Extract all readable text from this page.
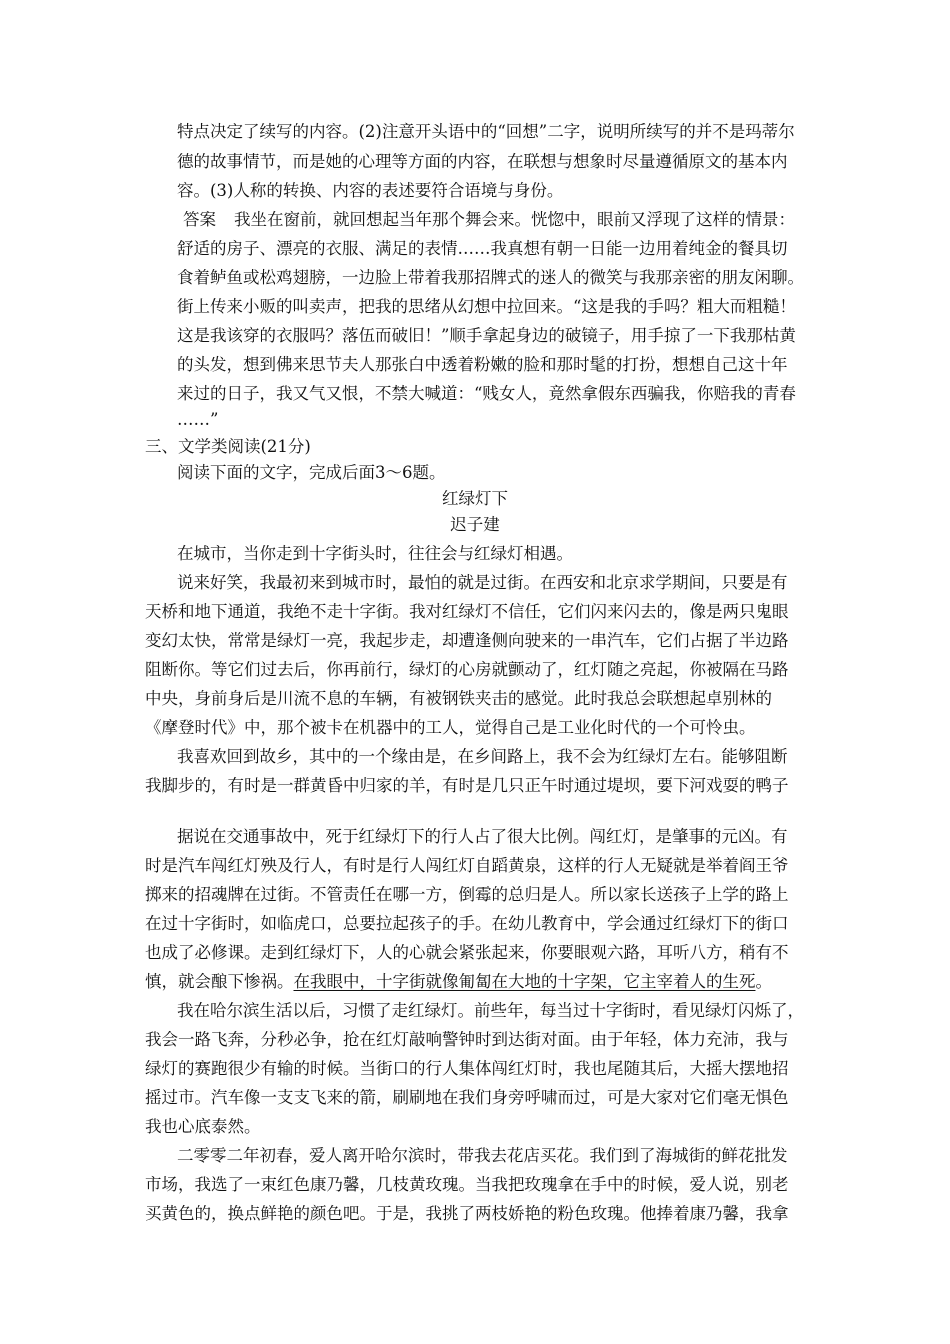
特点决定了续写的内容。(2)注意开头语中的“回想”二字，说明所续写的并不是玛蒂尔
德的故事情节，而是她的心理等方面的内容，在联想与想象时尽量遵循原文的基本内
容。(3)人称的转换、内容的表述要符合语境与身份。
答案 我坐在窗前，就回想起当年那个舞会来。恍惚中，眼前又浮现了这样的情景：
舒适的房子、漂亮的衣服、满足的表情……我真想有朝一日能一边用着纯金的餐具切
食着鲈鱼或松鸡翅膀，一边脸上带着我那招牌式的迷人的微笑与我那亲密的朋友闲聊。
街上传来小贩的叫卖声，把我的思绪从幻想中拉回来。“这是我的手吗？粗大而粗糙！
这是我该穿的衣服吗？落伍而破旧！”顺手拿起身边的破镜子，用手掠了一下我那枯黄
的头发，想到佛来思节夫人那张白中透着粉嫩的脸和那时髦的打扮，想想自己这十年
来过的日子，我又气又恨，不禁大喊道：“贱女人，竟然拿假东西骗我，你赔我的青春
……”
三、文学类阅读(21分)
阅读下面的文字，完成后面3～6题。
红绿灯下
迟子建
在城市，当你走到十字街头时，往往会与红绿灯相遇。
说来好笑，我最初来到城市时，最怕的就是过街。在西安和北京求学期间，只要是有
天桥和地下通道，我绝不走十字街。我对红绿灯不信任，它们闪来闪去的，像是两只鬼眼
变幻太快，常常是绿灯一亮，我起步走，却遭逢侧向驶来的一串汽车，它们占据了半边路
阻断你。等它们过去后，你再前行，绿灯的心房就颤动了，红灯随之亮起，你被隔在马路
中央，身前身后是川流不息的车辆，有被钢铁夹击的感觉。此时我总会联想起卓别林的
《摩登时代》中，那个被卡在机器中的工人，觉得自己是工业化时代的一个可怜虫。
我喜欢回到故乡，其中的一个缘由是，在乡间路上，我不会为红绿灯左右。能够阻断
我脚步的，有时是一群黄昏中归家的羊，有时是几只正午时通过堤坝，要下河戏耍的鸭子
据说在交通事故中，死于红绿灯下的行人占了很大比例。闯红灯，是肇事的元凶。有
时是汽车闯红灯殃及行人，有时是行人闯红灯自蹈黄泉，这样的行人无疑就是举着阎王爷
掷来的招魂牌在过街。不管责任在哪一方，倒霉的总归是人。所以家长送孩子上学的路上
在过十字街时，如临虎口，总要拉起孩子的手。在幼儿教育中，学会通过红绿灯下的街口
也成了必修课。走到红绿灯下，人的心就会紧张起来，你要眼观六路，耳听八方，稍有不
慎，就会酿下惨祸。在我眼中，十字街就像匍匐在大地的十字架，它主宰着人的生死。
我在哈尔滨生活以后，习惯了走红绿灯。前些年，每当过十字街时，看见绿灯闪烁了，
我会一路飞奔，分秒必争，抢在红灯敲响警钟时到达街对面。由于年轻，体力充沛，我与
绿灯的赛跑很少有输的时候。当街口的行人集体闯红灯时，我也尾随其后，大摇大摆地招
摇过市。汽车像一支支飞来的箭，刷刷地在我们身旁呼啸而过，可是大家对它们毫无惧色
我也心底泰然。
二零零二年初春，爱人离开哈尔滨时，带我去花店买花。我们到了海城街的鲜花批发
市场，我选了一束红色康乃馨，几枝黄玫瑰。当我把玫瑰拿在手中的时候，爱人说，别老
买黄色的，换点鲜艳的颜色吧。于是，我挑了两枝娇艳的粉色玫瑰。他捧着康乃馨，我拿
